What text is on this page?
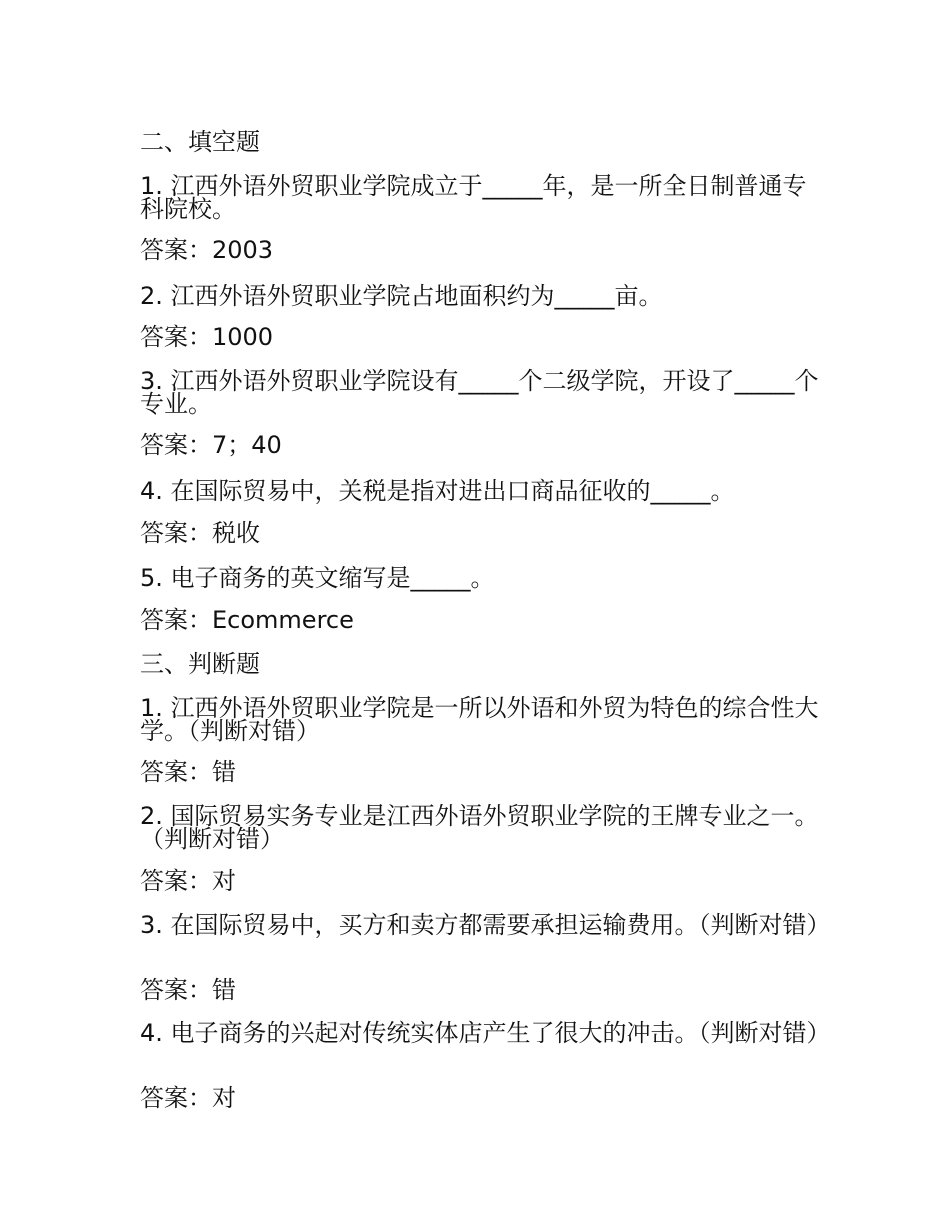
二、填空题

1. 江西外语外贸职业学院成立于_____年，是一所全日制普通专科院校。

答案：2003

2. 江西外语外贸职业学院占地面积约为_____亩。

答案：1000

3. 江西外语外贸职业学院设有_____个二级学院，开设了_____个专业。

答案：7；40

4. 在国际贸易中，关税是指对进出口商品征收的_____。

答案：税收

5. 电子商务的英文缩写是_____。

答案：Ecommerce

三、判断题

1. 江西外语外贸职业学院是一所以外语和外贸为特色的综合性大学。（判断对错）

答案：错

2. 国际贸易实务专业是江西外语外贸职业学院的王牌专业之一。（判断对错）

答案：对

3. 在国际贸易中，买方和卖方都需要承担运输费用。（判断对错）

答案：错

4. 电子商务的兴起对传统实体店产生了很大的冲击。（判断对错）

答案：对
